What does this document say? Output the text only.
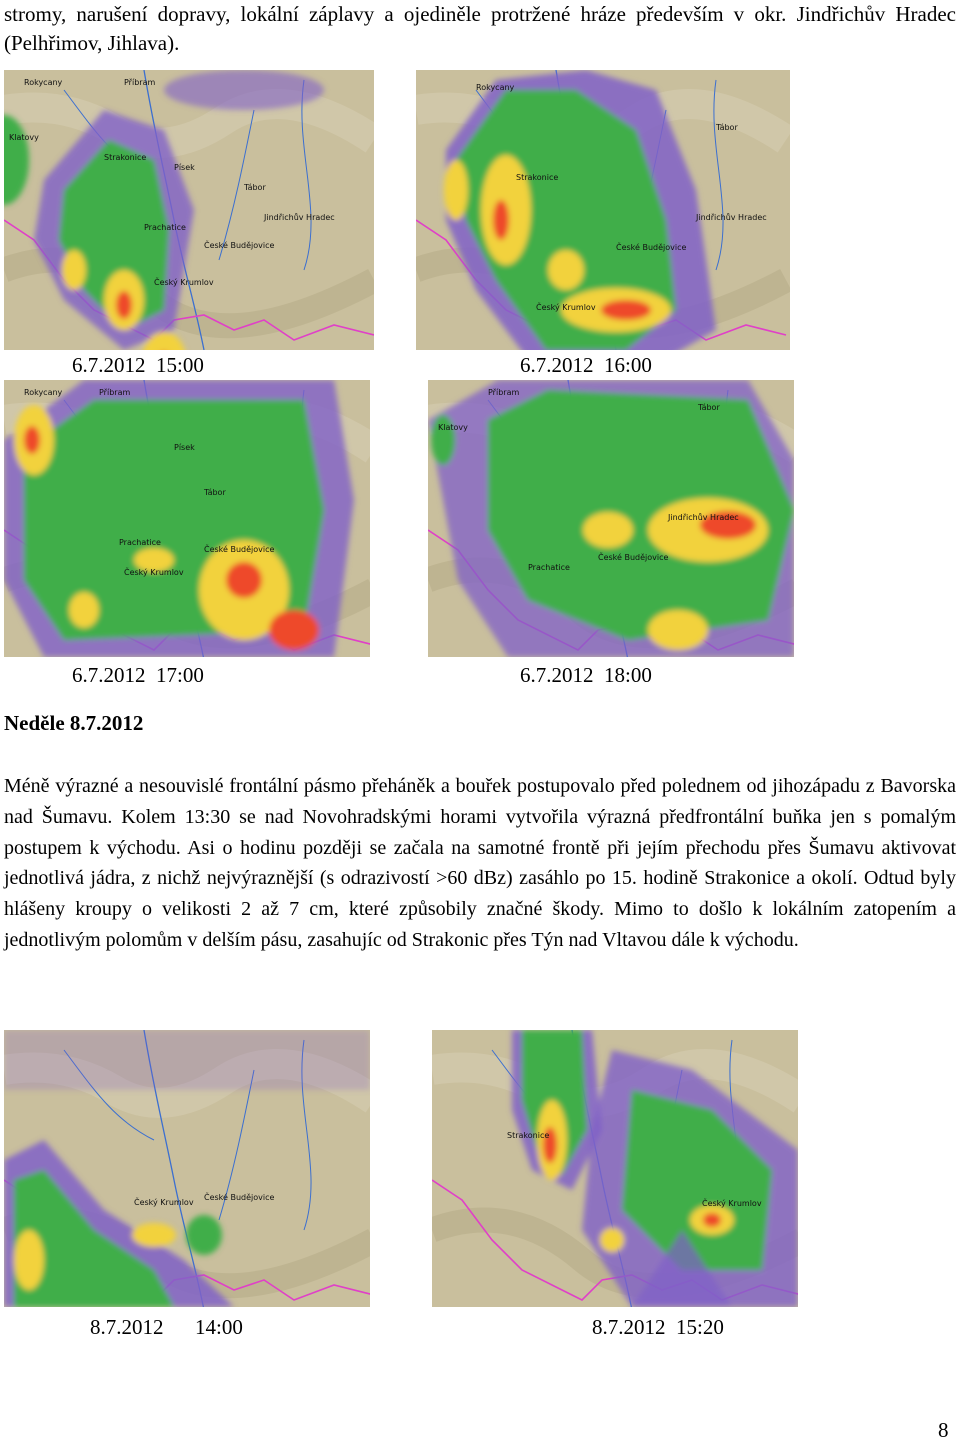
stromy, narušení dopravy, lokální záplavy a ojediněle protržené hráze především v okr. Jindřichův Hradec (Pelhřimov, Jihlava).
Rokycany	Příbram
Klatovy
Strakonice
Písek
Tábor
Jindřichův Hradec
České Budějovice
Prachatice
Český Krumlov
Rokycany
Tábor
Jindřichův Hradec
Strakonice
České Budějovice
Český Krumlov
6.7.2012  15:00	6.7.2012  16:00
Rokycany	Příbram
Písek
Tábor
České Budějovice
Prachatice
Český Krumlov
Příbram
Tábor
Jindřichův Hradec
České Budějovice
Klatovy
Prachatice
6.7.2012  17:00	6.7.2012  18:00
Neděle 8.7.2012
Méně výrazné a nesouvislé frontální pásmo přeháněk a bouřek postupovalo před polednem od jihozápadu z Bavorska nad Šumavu. Kolem 13:30 se nad Novohradskými horami vytvořila výrazná předfrontální buňka jen s pomalým postupem k východu. Asi o hodinu později se začala na samotné frontě při jejím přechodu přes Šumavu aktivovat jednotlivá jádra, z nichž nejvýraznější (s odrazivostí >60 dBz) zasáhlo po 15. hodině Strakonice a okolí. Odtud byly hlášeny kroupy o velikosti 2 až 7 cm, které způsobily značné škody. Mimo to došlo k lokálním zatopením a jednotlivým polomům v delším pásu, zasahujíc od Strakonic přes Týn nad Vltavou dále k východu.
Český Krumlov
České Budějovice
Strakonice
Český Krumlov
8.7.2012      14:00	8.7.2012  15:20
8
